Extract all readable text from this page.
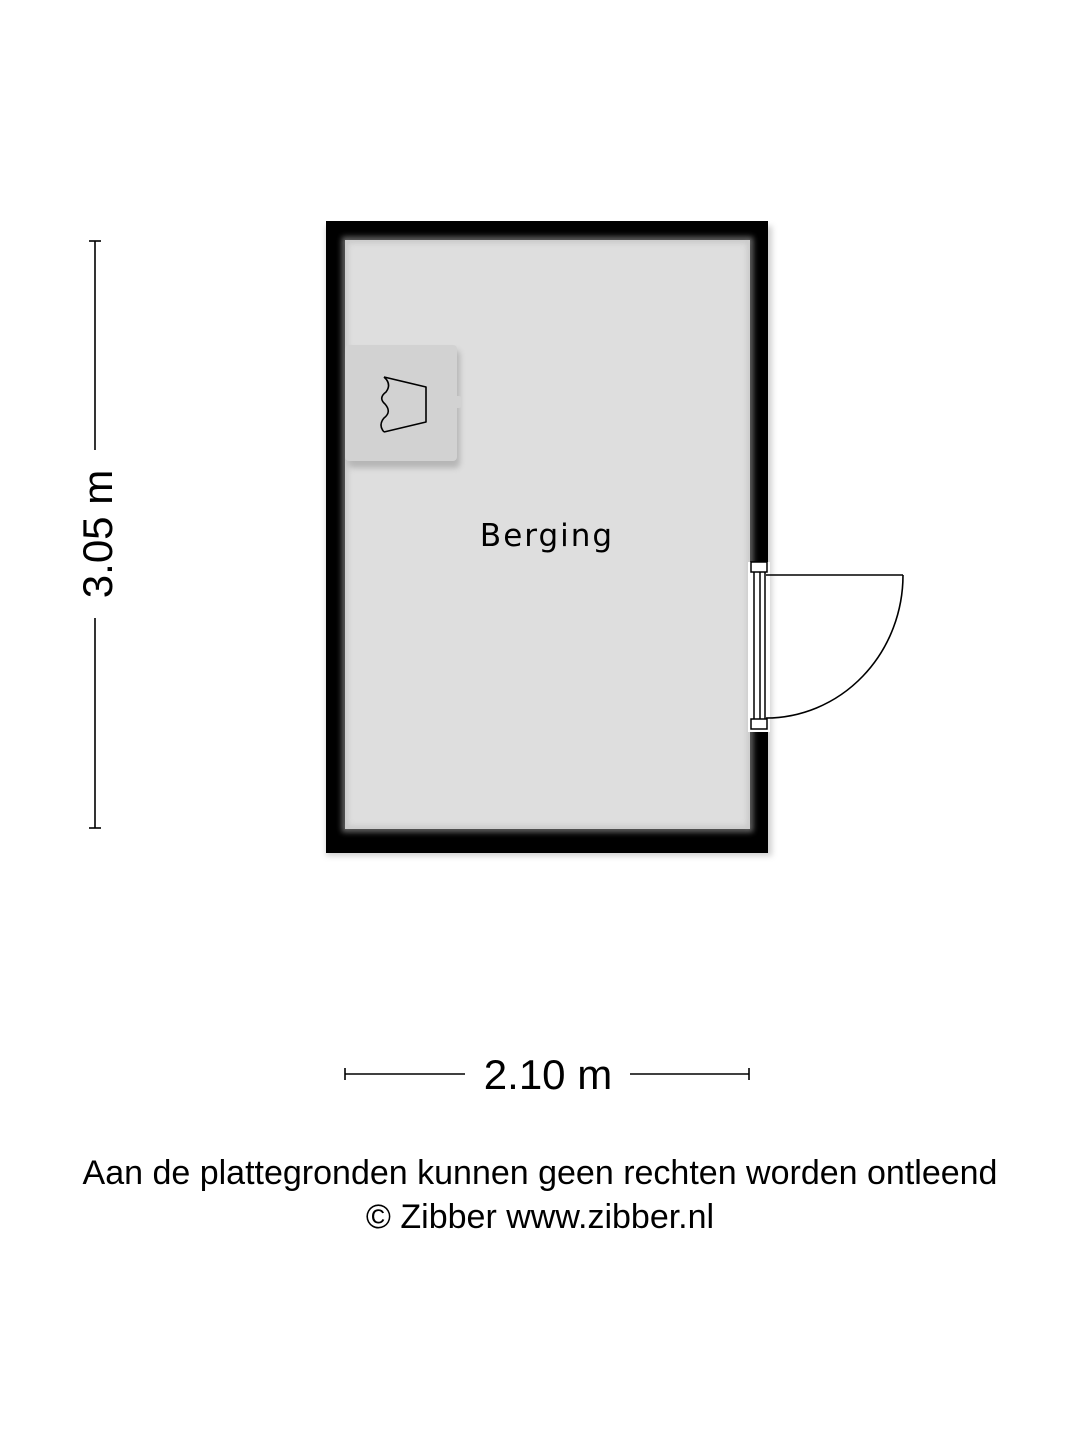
Berging
3.05 m
2.10 m
Aan de plattegronden kunnen geen rechten worden ontleend
© Zibber www.zibber.nl
